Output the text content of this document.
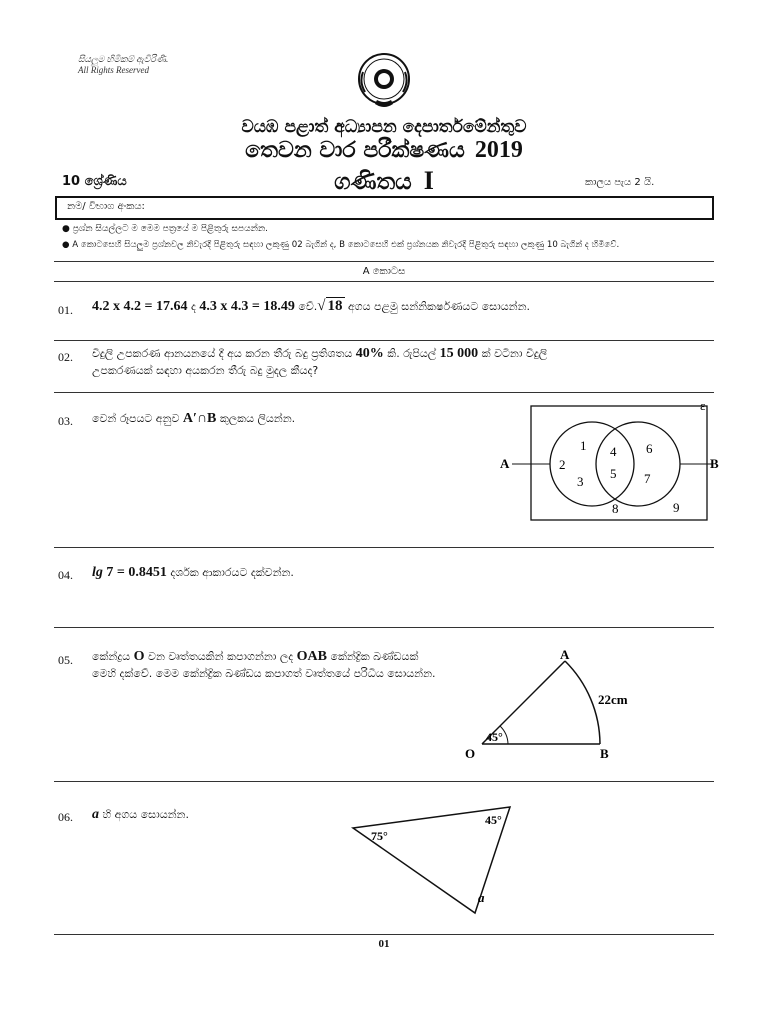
සියලුම හිමිකම් ඇවිරිණි.
All Rights Reserved
වයඹ පළාත් අධ්‍යාපන දෙපාර්තමේන්තුව
තෙවන වාර පරීක්ෂණය 2019
10 ශ්‍රේණිය	ගණිතය I	කාලය පැය 2 යි.
නම/ විභාග අංකය:
● ප්‍රශ්න සියල්ලට ම මෙම පත්‍රයේ ම පිළිතුරු සපයන්න.
● A කොටසෙහි සියලුම ප්‍රශ්නවල නිවැරදි පිළිතුරු සඳහා ලකුණු 02 බැගින් ද, B කොටසෙහි එක් ප්‍රශ්නයක නිවැරදි පිළිතුරු සඳහා ලකුණු 10 බැගින් ද හිමිවේ.
A කොටස
01. 4.2 x 4.2 = 17.64 ද 4.3 x 4.3 = 18.49 වේ.√ 18 අගය පළමු සන්නිකර්ෂණයට සොයන්න.
02. විදුලි උපකරණ ආනයනයේ දී අය කරන තීරු බදු ප්‍රතිශතය 40% කි. රුපියල් 15 000 ක් වටිනා විදුලි
උපකරණයක් සඳහා අයකරන තීරු බදු මුදල කීයද?
03. වෙන් රූපයට අනුව A′∩B කුලකය ලියන්න.
ε
A	B
1
2
3
4
5
6
7
8	9
04. lg 7 = 0.8451 දර්ශක ආකාරයට දක්වන්න.
05. කේන්ද්‍රය O වන වෘත්තයකින් කපාගන්නා ලද OAB කේන්ද්‍රික ඛණ්ඩයක්
මෙහි දක්වේ. මෙම කේන්ද්‍රික ඛණ්ඩය කපාගත් වෘත්තයේ පරිධිය සොයන්න.
A
O	B
22cm
45°
06. a හි අගය සොයන්න.
75°
45°
a
01
